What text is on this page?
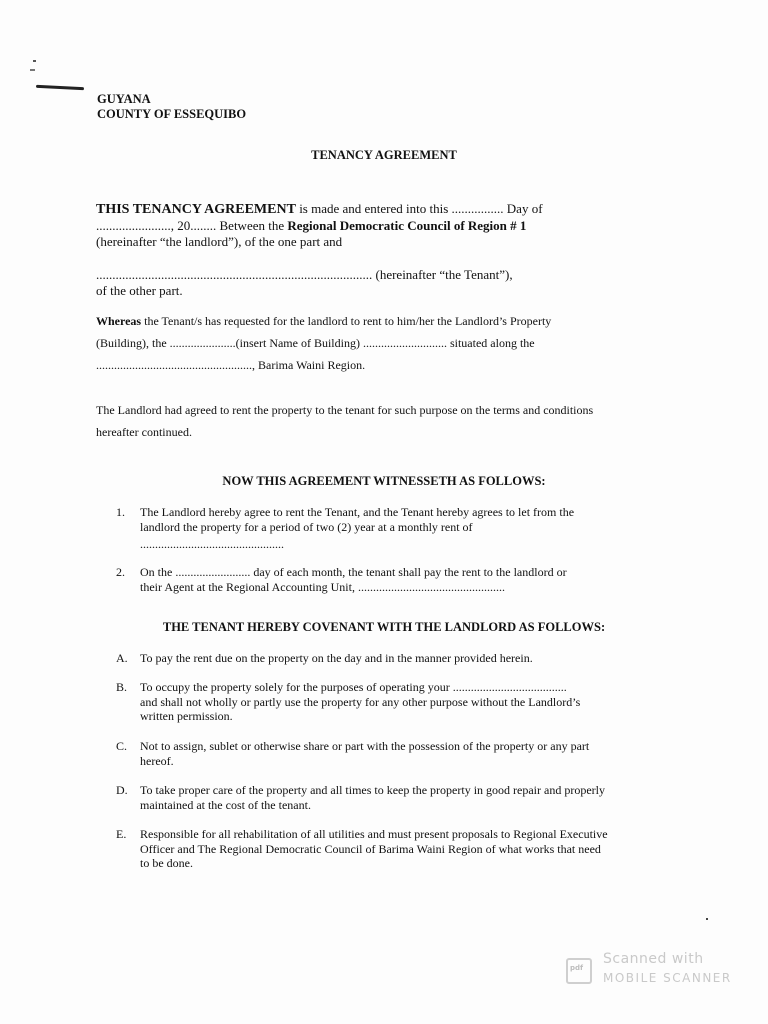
GUYANA
COUNTY OF ESSEQUIBO
TENANCY AGREEMENT
THIS TENANCY AGREEMENT is made and entered into this ................ Day of
......................., 20........ Between the Regional Democratic Council of Region # 1
(hereinafter “the landlord”), of the one part and
..................................................................................... (hereinafter “the Tenant”),
of the other part.
Whereas the Tenant/s has requested for the landlord to rent to him/her the Landlord’s Property
(Building), the ......................(insert Name of Building) ............................ situated along the
...................................................., Barima Waini Region.
The Landlord had agreed to rent the property to the tenant for such purpose on the terms and conditions
hereafter continued.
NOW THIS AGREEMENT WITNESSETH AS FOLLOWS:
1. The Landlord hereby agree to rent the Tenant, and the Tenant hereby agrees to let from the
landlord the property for a period of two (2) year at a monthly rent of
................................................
2. On the ......................... day of each month, the tenant shall pay the rent to the landlord or
their Agent at the Regional Accounting Unit, .................................................
THE TENANT HEREBY COVENANT WITH THE LANDLORD AS FOLLOWS:
A. To pay the rent due on the property on the day and in the manner provided herein.
B. To occupy the property solely for the purposes of operating your ......................................
and shall not wholly or partly use the property for any other purpose without the Landlord’s
written permission.
C. Not to assign, sublet or otherwise share or part with the possession of the property or any part
hereof.
D. To take proper care of the property and all times to keep the property in good repair and properly
maintained at the cost of the tenant.
E. Responsible for all rehabilitation of all utilities and must present proposals to Regional Executive
Officer and The Regional Democratic Council of Barima Waini Region of what works that need
to be done.
pdf
Scanned with
MOBILE SCANNER
